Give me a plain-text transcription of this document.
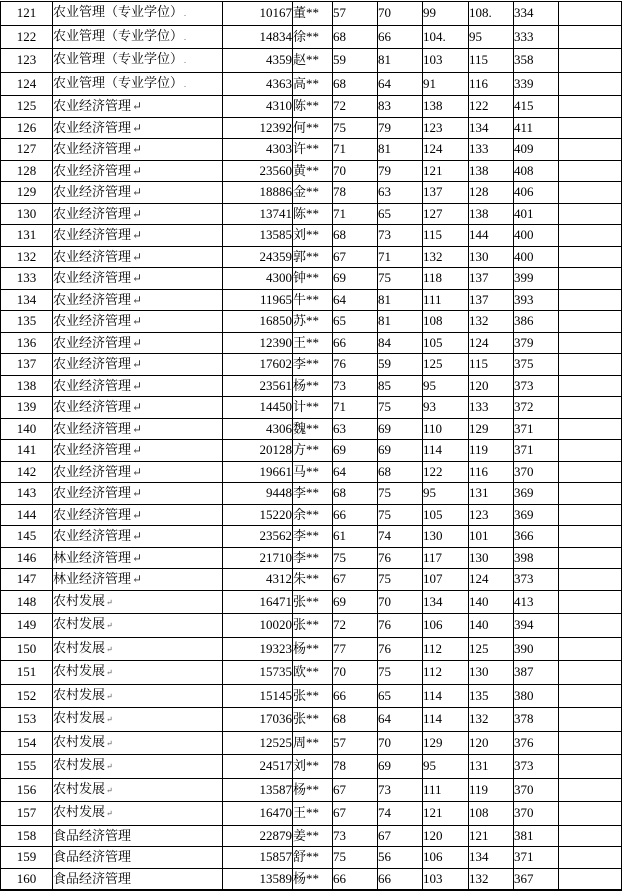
121	农业管理（专业学位）.	10167	董**	57	70	99	108.	334	
122	农业管理（专业学位）.	14834	徐**	68	66	104.	95	333	
123	农业管理（专业学位）.	4359	赵**	59	81	103	115	358	
124	农业管理（专业学位）.	4363	高**	68	64	91	116	339	
125	农业经济管理↵	4310	陈**	72	83	138	122	415	
126	农业经济管理↵	12392	何**	75	79	123	134	411	
127	农业经济管理↵	4303	许**	71	81	124	133	409	
128	农业经济管理↵	23560	黄**	70	79	121	138	408	
129	农业经济管理↵	18886	金**	78	63	137	128	406	
130	农业经济管理↵	13741	陈**	71	65	127	138	401	
131	农业经济管理↵	13585	刘**	68	73	115	144	400	
132	农业经济管理↵	24359	郭**	67	71	132	130	400	
133	农业经济管理↵	4300	钟**	69	75	118	137	399	
134	农业经济管理↵	11965	牛**	64	81	111	137	393	
135	农业经济管理↵	16850	苏**	65	81	108	132	386	
136	农业经济管理↵	12390	王**	66	84	105	124	379	
137	农业经济管理↵	17602	李**	76	59	125	115	375	
138	农业经济管理↵	23561	杨**	73	85	95	120	373	
139	农业经济管理↵	14450	计**	71	75	93	133	372	
140	农业经济管理↵	4306	魏**	63	69	110	129	371	
141	农业经济管理↵	20128	方**	69	69	114	119	371	
142	农业经济管理↵	19661	马**	64	68	122	116	370	
143	农业经济管理↵	9448	李**	68	75	95	131	369	
144	农业经济管理↵	15220	余**	66	75	105	123	369	
145	农业经济管理↵	23562	李**	61	74	130	101	366	
146	林业经济管理↵	21710	李**	75	76	117	130	398	
147	林业经济管理↵	4312	朱**	67	75	107	124	373	
148	农村发展↵	16471	张**	69	70	134	140	413	
149	农村发展↵	10020	张**	72	76	106	140	394	
150	农村发展↵	19323	杨**	77	76	112	125	390	
151	农村发展↵	15735	欧**	70	75	112	130	387	
152	农村发展↵	15145	张**	66	65	114	135	380	
153	农村发展↵	17036	张**	68	64	114	132	378	
154	农村发展↵	12525	周**	57	70	129	120	376	
155	农村发展↵	24517	刘**	78	69	95	131	373	
156	农村发展↵	13587	杨**	67	73	111	119	370	
157	农村发展↵	16470	王**	67	74	121	108	370	
158	食品经济管理	22879	姜**	73	67	120	121	381	
159	食品经济管理	15857	舒**	75	56	106	134	371	
160	食品经济管理	13589	杨**	66	66	103	132	367	
